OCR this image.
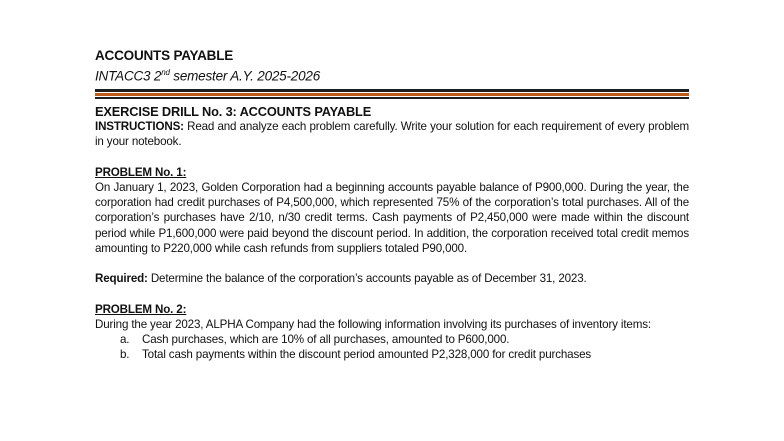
ACCOUNTS PAYABLE
INTACC3 2nd semester A.Y. 2025-2026

EXERCISE DRILL No. 3: ACCOUNTS PAYABLE

INSTRUCTIONS: Read and analyze each problem carefully. Write your solution for each requirement of every problem in your notebook.

PROBLEM No. 1:

On January 1, 2023, Golden Corporation had a beginning accounts payable balance of P900,000. During the year, the corporation had credit purchases of P4,500,000, which represented 75% of the corporation’s total purchases. All of the corporation’s purchases have 2/10, n/30 credit terms. Cash payments of P2,450,000 were made within the discount period while P1,600,000 were paid beyond the discount period. In addition, the corporation received total credit memos amounting to P220,000 while cash refunds from suppliers totaled P90,000.

Required: Determine the balance of the corporation’s accounts payable as of December 31, 2023.

PROBLEM No. 2:

During the year 2023, ALPHA Company had the following information involving its purchases of inventory items:

a. Cash purchases, which are 10% of all purchases, amounted to P600,000.
b. Total cash payments within the discount period amounted P2,328,000 for credit purchases
